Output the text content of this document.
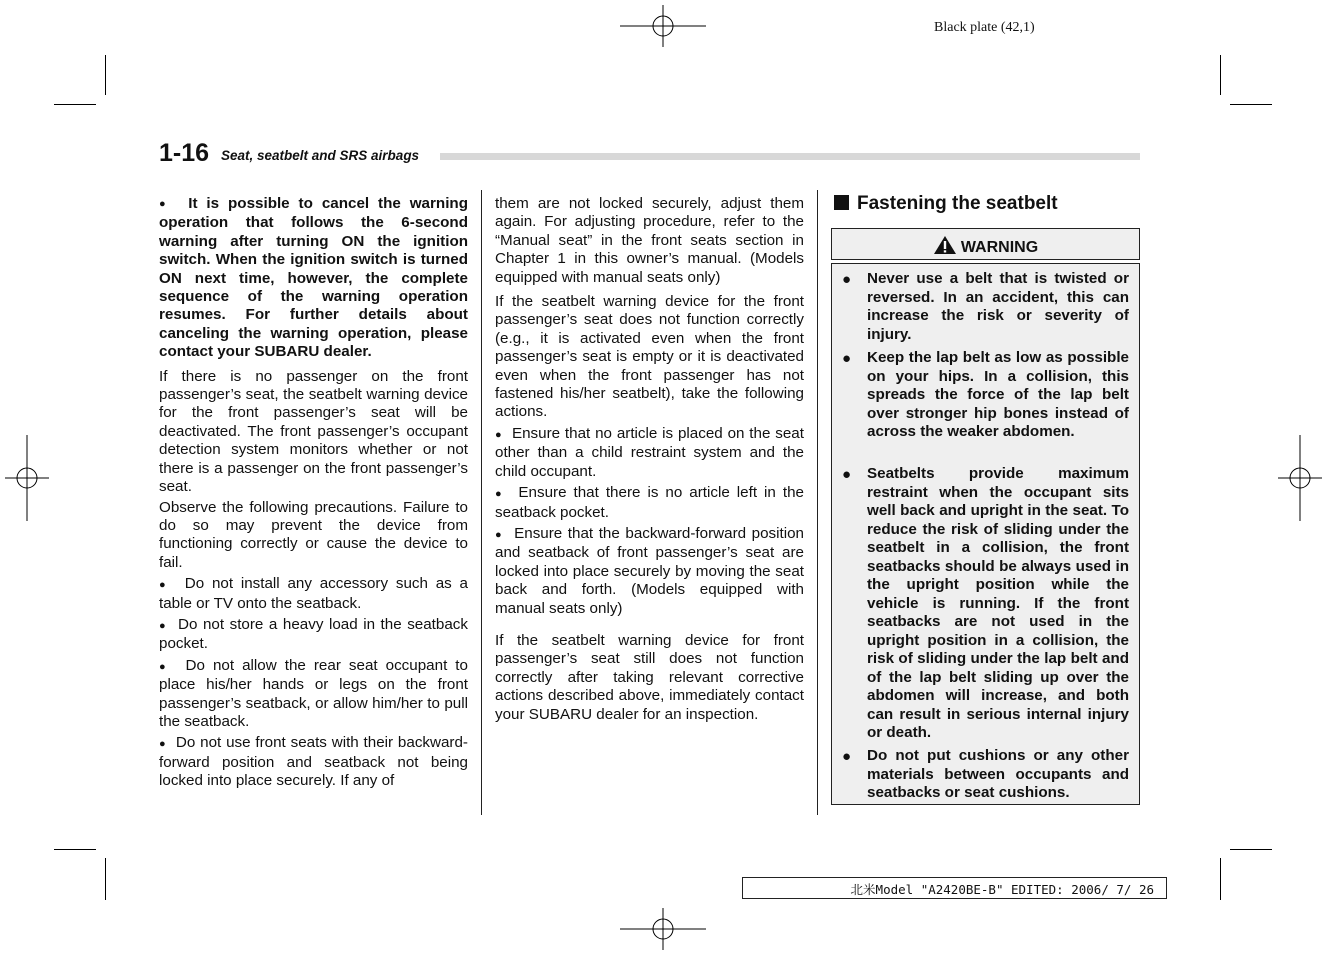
Black plate (42,1)
1-16 Seat, seatbelt and SRS airbags

● It is possible to cancel the warning operation that follows the 6-second warning after turning ON the ignition switch. When the ignition switch is turned ON next time, however, the complete sequence of the warning operation resumes. For further details about canceling the warning operation, please contact your SUBARU dealer.

If there is no passenger on the front passenger’s seat, the seatbelt warning device for the front passenger’s seat will be deactivated. The front passenger’s occupant detection system monitors whether or not there is a passenger on the front passenger’s seat.

Observe the following precautions. Failure to do so may prevent the device from functioning correctly or cause the device to fail.

● Do not install any accessory such as a table or TV onto the seatback.

● Do not store a heavy load in the seatback pocket.

● Do not allow the rear seat occupant to place his/her hands or legs on the front passenger’s seatback, or allow him/her to pull the seatback.

● Do not use front seats with their backward-forward position and seatback not being locked into place securely. If any of

them are not locked securely, adjust them again. For adjusting procedure, refer to the “Manual seat” in the front seats section in Chapter 1 in this owner’s manual. (Models equipped with manual seats only)

If the seatbelt warning device for the front passenger’s seat does not function correctly (e.g., it is activated even when the front passenger’s seat is empty or it is deactivated even when the front passenger has not fastened his/her seatbelt), take the following actions.

● Ensure that no article is placed on the seat other than a child restraint system and the child occupant.

● Ensure that there is no article left in the seatback pocket.

● Ensure that the backward-forward position and seatback of front passenger’s seat are locked into place securely by moving the seat back and forth. (Models equipped with manual seats only)

If the seatbelt warning device for front passenger’s seat still does not function correctly after taking relevant corrective actions described above, immediately contact your SUBARU dealer for an inspection.

Fastening the seatbelt
WARNING
● Never use a belt that is twisted or reversed. In an accident, this can increase the risk or severity of injury.
● Keep the lap belt as low as possible on your hips. In a collision, this spreads the force of the lap belt over stronger hip bones instead of across the weaker abdomen.
● Seatbelts provide maximum restraint when the occupant sits well back and upright in the seat. To reduce the risk of sliding under the seatbelt in a collision, the front seatbacks should be always used in the upright position while the vehicle is running. If the front seatbacks are not used in the upright position in a collision, the risk of sliding under the lap belt and of the lap belt sliding up over the abdomen will increase, and both can result in serious internal injury or death.
● Do not put cushions or any other materials between occupants and seatbacks or seat cushions.
北米Model "A2420BE-B" EDITED: 2006/ 7/ 26
